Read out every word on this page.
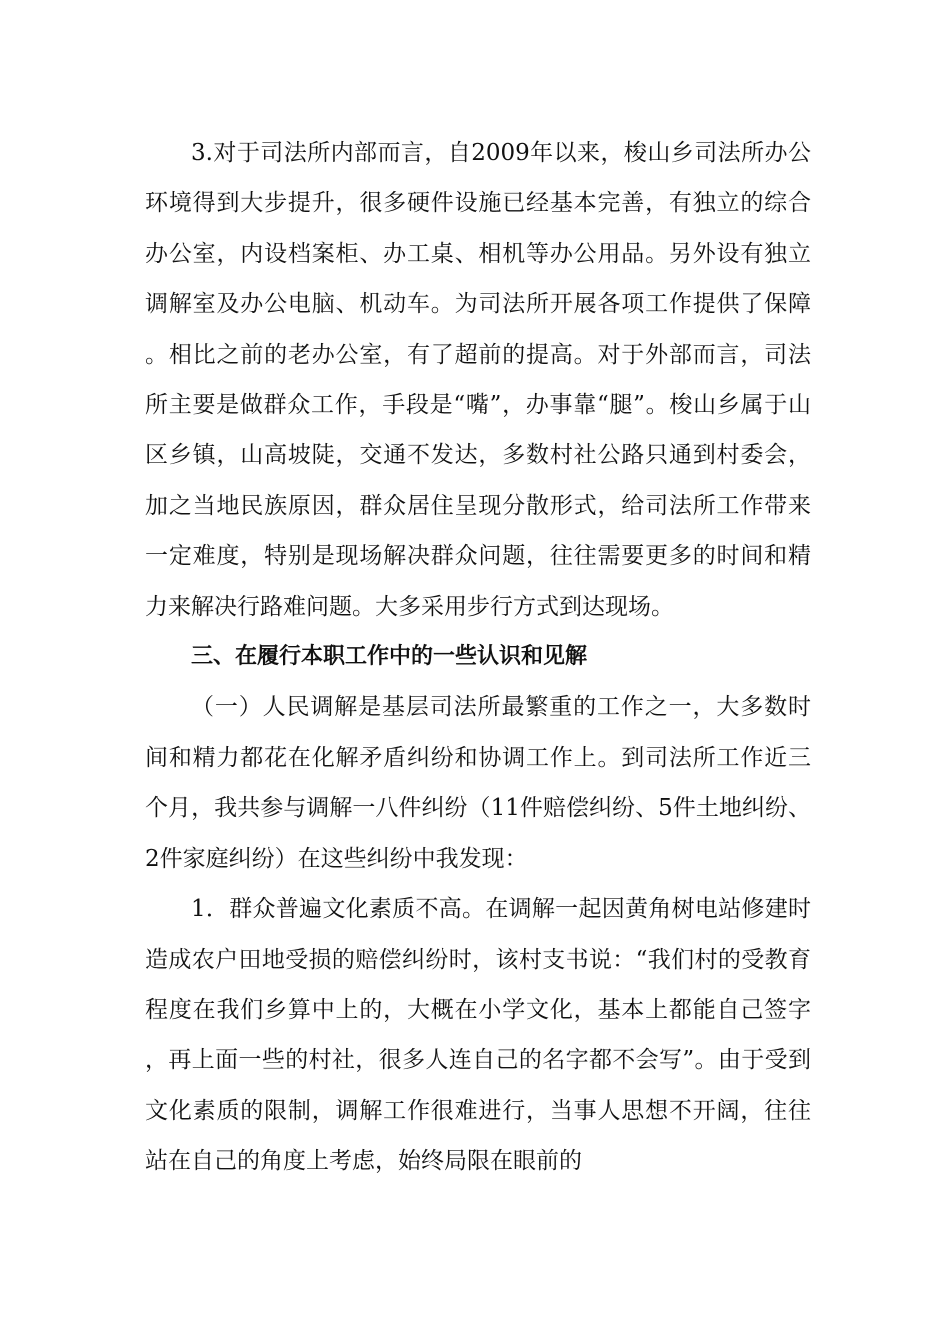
3.对于司法所内部而言，自2009年以来，梭山乡司法所办公环境得到大步提升，很多硬件设施已经基本完善，有独立的综合办公室，内设档案柜、办工桌、相机等办公用品。另外设有独立调解室及办公电脑、机动车。为司法所开展各项工作提供了保障。相比之前的老办公室，有了超前的提高。对于外部而言，司法所主要是做群众工作，手段是“嘴”，办事靠“腿”。梭山乡属于山区乡镇，山高坡陡，交通不发达，多数村社公路只通到村委会，加之当地民族原因，群众居住呈现分散形式，给司法所工作带来一定难度，特别是现场解决群众问题，往往需要更多的时间和精力来解决行路难问题。大多采用步行方式到达现场。

三、在履行本职工作中的一些认识和见解

（一）人民调解是基层司法所最繁重的工作之一，大多数时间和精力都花在化解矛盾纠纷和协调工作上。到司法所工作近三个月，我共参与调解一八件纠纷（11件赔偿纠纷、5件土地纠纷、2件家庭纠纷）在这些纠纷中我发现：

1．群众普遍文化素质不高。在调解一起因黄角树电站修建时造成农户田地受损的赔偿纠纷时，该村支书说：“我们村的受教育程度在我们乡算中上的，大概在小学文化，基本上都能自己签字，再上面一些的村社，很多人连自己的名字都不会写”。由于受到文化素质的限制，调解工作很难进行，当事人思想不开阔，往往站在自己的角度上考虑，始终局限在眼前的
